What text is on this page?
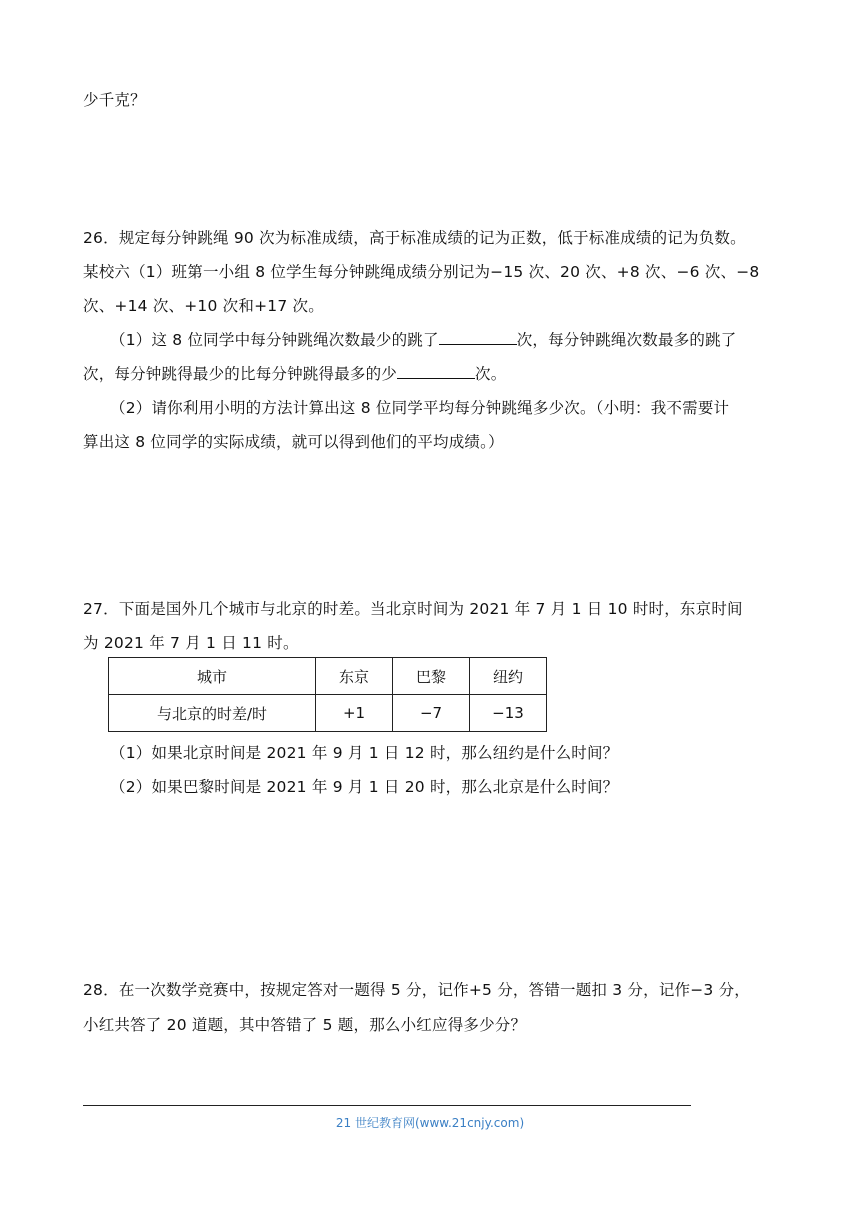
少千克？
26．规定每分钟跳绳 90 次为标准成绩，高于标准成绩的记为正数，低于标准成绩的记为负数。
某校六（1）班第一小组 8 位学生每分钟跳绳成绩分别记为−15 次、20 次、+8 次、−6 次、−8
次、+14 次、+10 次和+17 次。
（1）这 8 位同学中每分钟跳绳次数最少的跳了	次，每分钟跳绳次数最多的跳了
次，每分钟跳得最少的比每分钟跳得最多的少	次。
（2）请你利用小明的方法计算出这 8 位同学平均每分钟跳绳多少次。（小明：我不需要计
算出这 8 位同学的实际成绩，就可以得到他们的平均成绩。）
27．下面是国外几个城市与北京的时差。当北京时间为 2021 年 7 月 1 日 10 时时，东京时间
为 2021 年 7 月 1 日 11 时。
城市	东京	巴黎	纽约
与北京的时差/时	+1	−7	−13
（1）如果北京时间是 2021 年 9 月 1 日 12 时，那么纽约是什么时间？
（2）如果巴黎时间是 2021 年 9 月 1 日 20 时，那么北京是什么时间？
28．在一次数学竞赛中，按规定答对一题得 5 分，记作+5 分，答错一题扣 3 分，记作−3 分，
小红共答了 20 道题，其中答错了 5 题，那么小红应得多少分？
21 世纪教育网(www.21cnjy.com)
